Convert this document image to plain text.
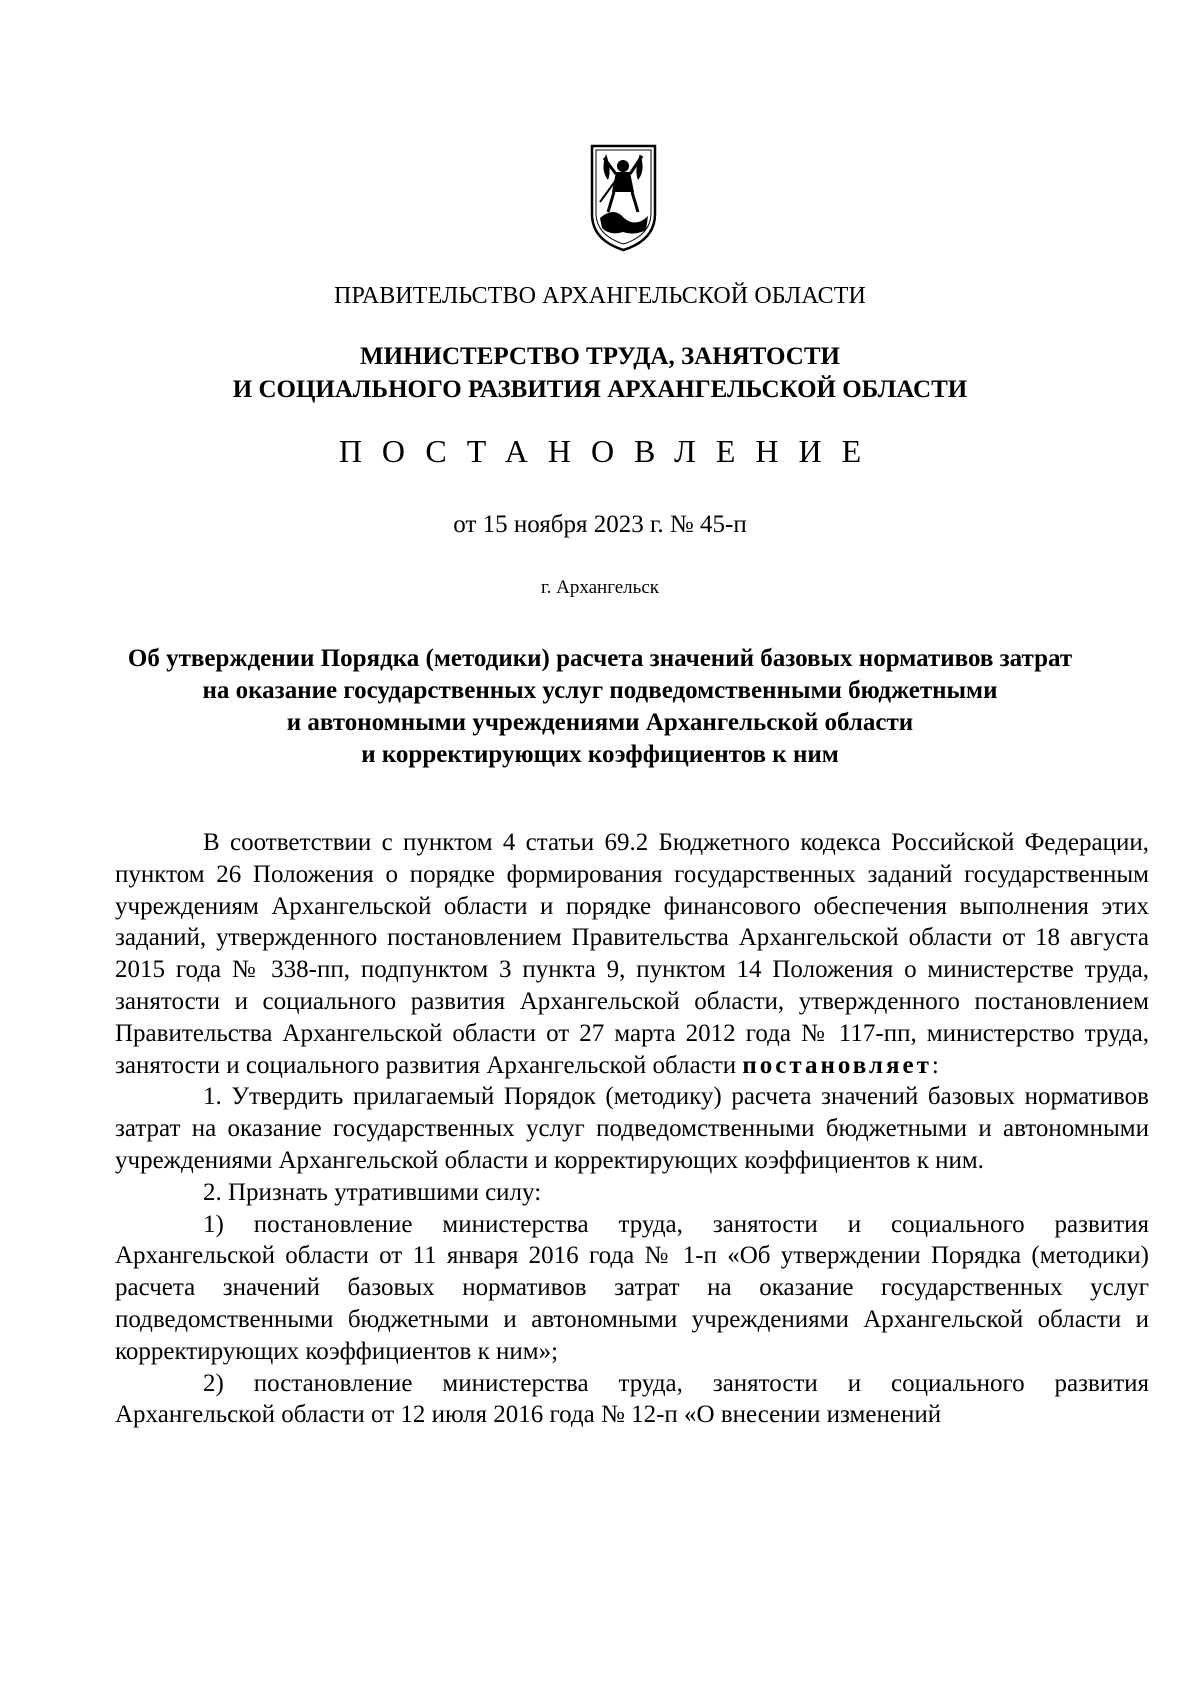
ПРАВИТЕЛЬСТВО АРХАНГЕЛЬСКОЙ ОБЛАСТИ
МИНИСТЕРСТВО ТРУДА, ЗАНЯТОСТИ
И СОЦИАЛЬНОГО РАЗВИТИЯ АРХАНГЕЛЬСКОЙ ОБЛАСТИ
ПОСТАНОВЛЕНИЕ
от 15 ноября 2023 г. № 45-п
г. Архангельск
Об утверждении Порядка (методики) расчета значений базовых нормативов затрат
на оказание государственных услуг подведомственными бюджетными
и автономными учреждениями Архангельской области
и корректирующих коэффициентов к ним

В соответствии с пунктом 4 статьи 69.2 Бюджетного кодекса Российской Федерации, пунктом 26 Положения о порядке формирования государственных заданий государственным учреждениям Архангельской области и порядке финансового обеспечения выполнения этих заданий, утвержденного постановлением Правительства Архангельской области от 18 августа 2015 года № 338-пп, подпунктом 3 пункта 9, пунктом 14 Положения о министерстве труда, занятости и социального развития Архангельской области, утвержденного постановлением Правительства Архангельской области от 27 марта 2012 года № 117-пп, министерство труда, занятости и социального развития Архангельской области постановляет:

1. Утвердить прилагаемый Порядок (методику) расчета значений базовых нормативов затрат на оказание государственных услуг подведомственными бюджетными и автономными учреждениями Архангельской области и корректирующих коэффициентов к ним.

2. Признать утратившими силу:

1) постановление министерства труда, занятости и социального развития Архангельской области от 11 января 2016 года № 1-п «Об утверждении Порядка (методики) расчета значений базовых нормативов затрат на оказание государственных услуг подведомственными бюджетными и автономными учреждениями Архангельской области и корректирующих коэффициентов к ним»;

2) постановление министерства труда, занятости и социального развития Архангельской области от 12 июля 2016 года № 12-п «О внесении изменений
